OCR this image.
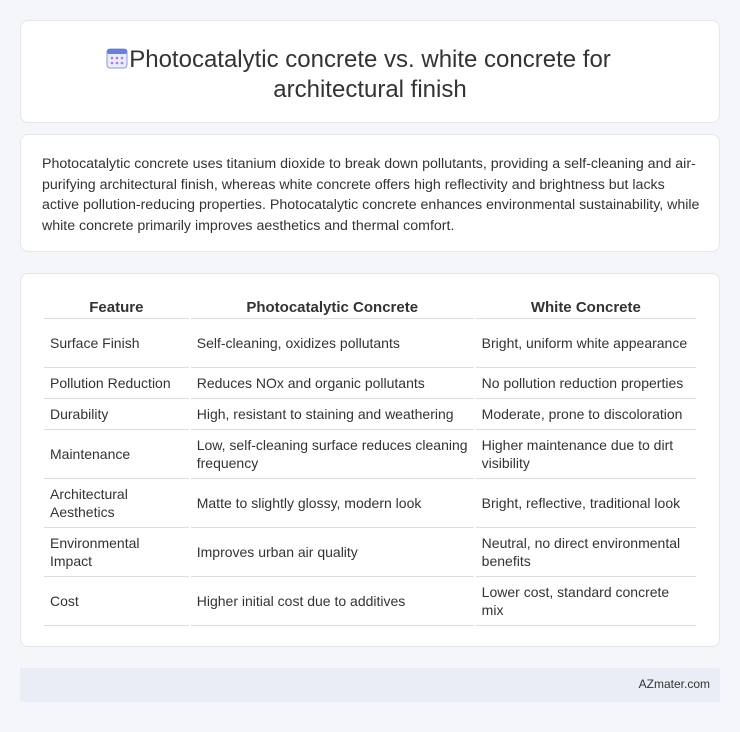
Photocatalytic concrete vs. white concrete for architectural finish

Photocatalytic concrete uses titanium dioxide to break down pollutants, providing a self-cleaning and air-purifying architectural finish, whereas white concrete offers high reflectivity and brightness but lacks active pollution-reducing properties. Photocatalytic concrete enhances environmental sustainability, while white concrete primarily improves aesthetics and thermal comfort.

Feature	Photocatalytic Concrete	White Concrete
Surface Finish	Self-cleaning, oxidizes pollutants	Bright, uniform white appearance
Pollution Reduction	Reduces NOx and organic pollutants	No pollution reduction properties
Durability	High, resistant to staining and weathering	Moderate, prone to discoloration
Maintenance	Low, self-cleaning surface reduces cleaning frequency	Higher maintenance due to dirt visibility
Architectural Aesthetics	Matte to slightly glossy, modern look	Bright, reflective, traditional look
Environmental Impact	Improves urban air quality	Neutral, no direct environmental benefits
Cost	Higher initial cost due to additives	Lower cost, standard concrete mix
AZmater.com
